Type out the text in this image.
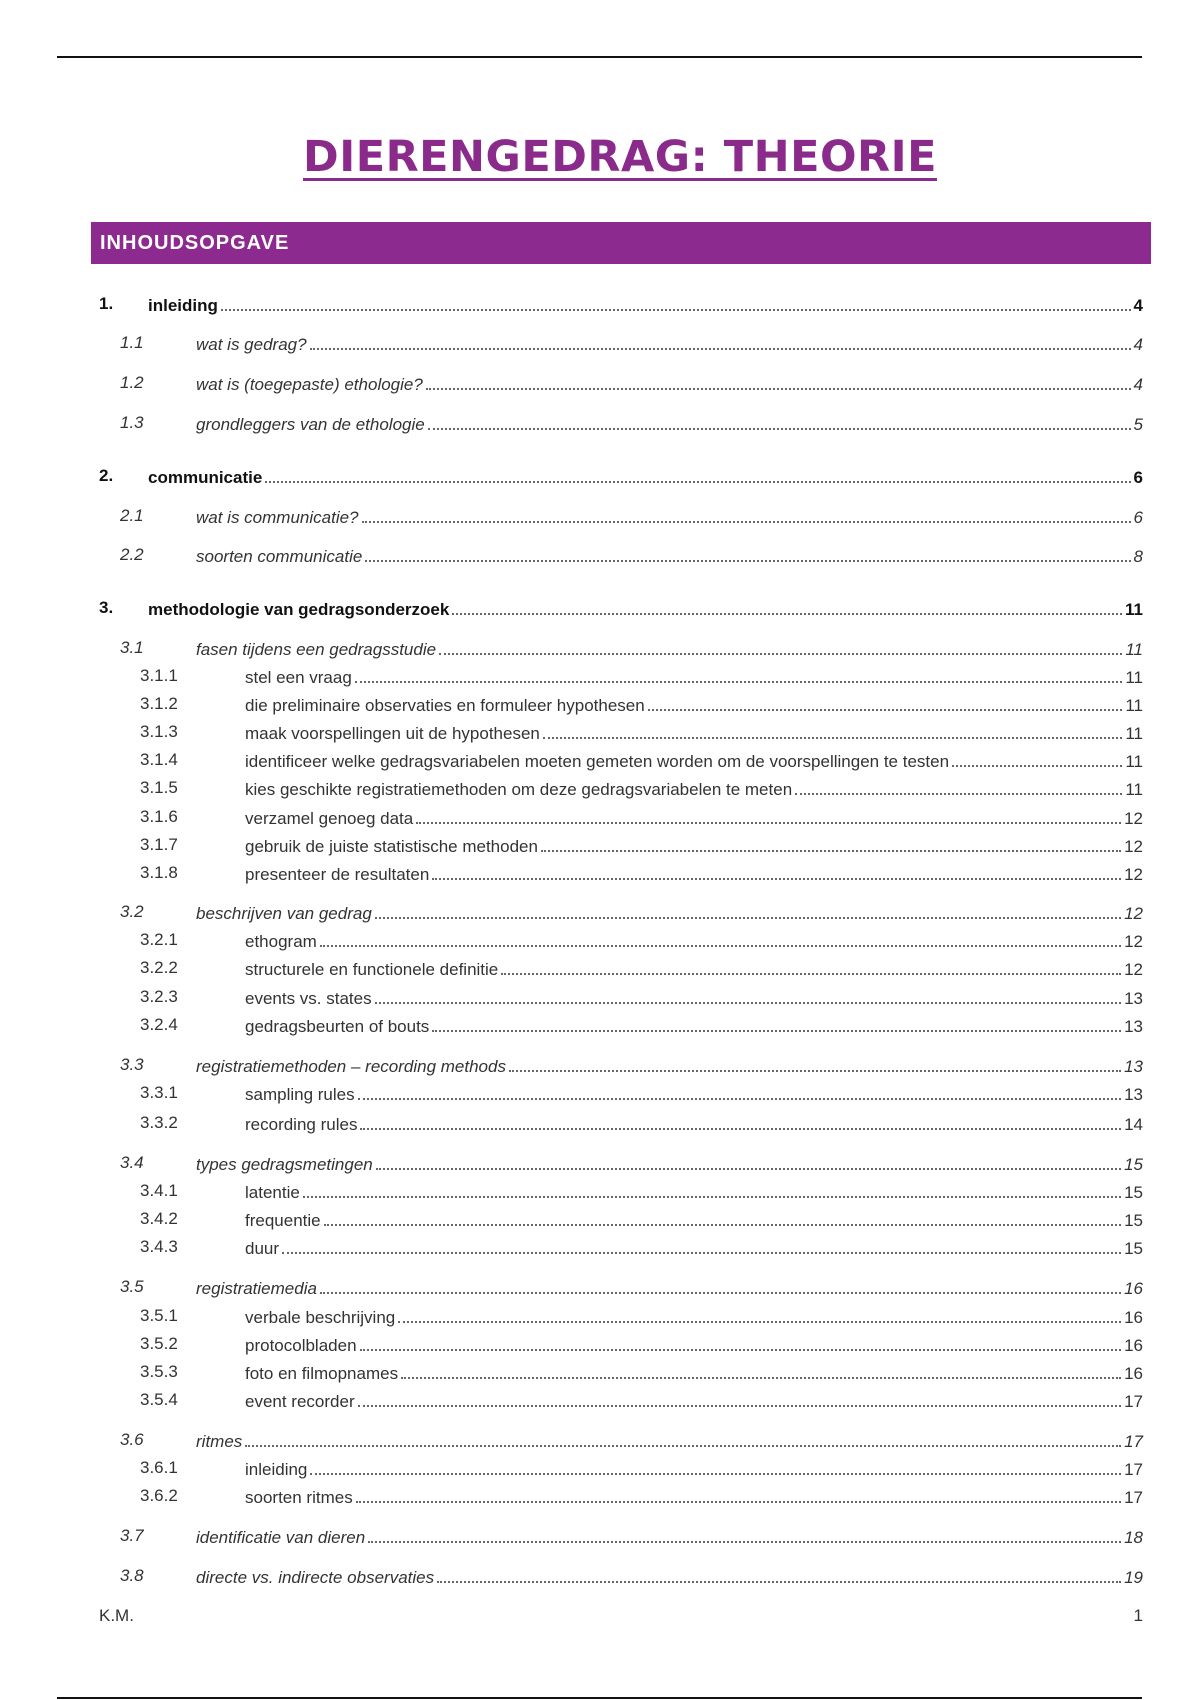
DIERENGEDRAG: THEORIE
INHOUDSOPGAVE
1. inleiding	4
1.1	wat is gedrag?	4
1.2	wat is (toegepaste) ethologie?	4
1.3	grondleggers van de ethologie	5
2. communicatie	6
2.1	wat is communicatie?	6
2.2	soorten communicatie	8
3. methodologie van gedragsonderzoek	11
3.1	fasen tijdens een gedragsstudie	11
3.1.1	stel een vraag	11
3.1.2	die preliminaire observaties en formuleer hypothesen	11
3.1.3	maak voorspellingen uit de hypothesen	11
3.1.4	identificeer welke gedragsvariabelen moeten gemeten worden om de voorspellingen te testen	11
3.1.5	kies geschikte registratiemethoden om deze gedragsvariabelen te meten	11
3.1.6	verzamel genoeg data	12
3.1.7	gebruik de juiste statistische methoden	12
3.1.8	presenteer de resultaten	12
3.2	beschrijven van gedrag	12
3.2.1	ethogram	12
3.2.2	structurele en functionele definitie	12
3.2.3	events vs. states	13
3.2.4	gedragsbeurten of bouts	13
3.3	registratiemethoden – recording methods	13
3.3.1	sampling rules	13
3.3.2	recording rules	14
3.4	types gedragsmetingen	15
3.4.1	latentie	15
3.4.2	frequentie	15
3.4.3	duur	15
3.5	registratiemedia	16
3.5.1	verbale beschrijving	16
3.5.2	protocolbladen	16
3.5.3	foto en filmopnames	16
3.5.4	event recorder	17
3.6	ritmes	17
3.6.1	inleiding	17
3.6.2	soorten ritmes	17
3.7	identificatie van dieren	18
3.8	directe vs. indirecte observaties	19
K.M.	1
